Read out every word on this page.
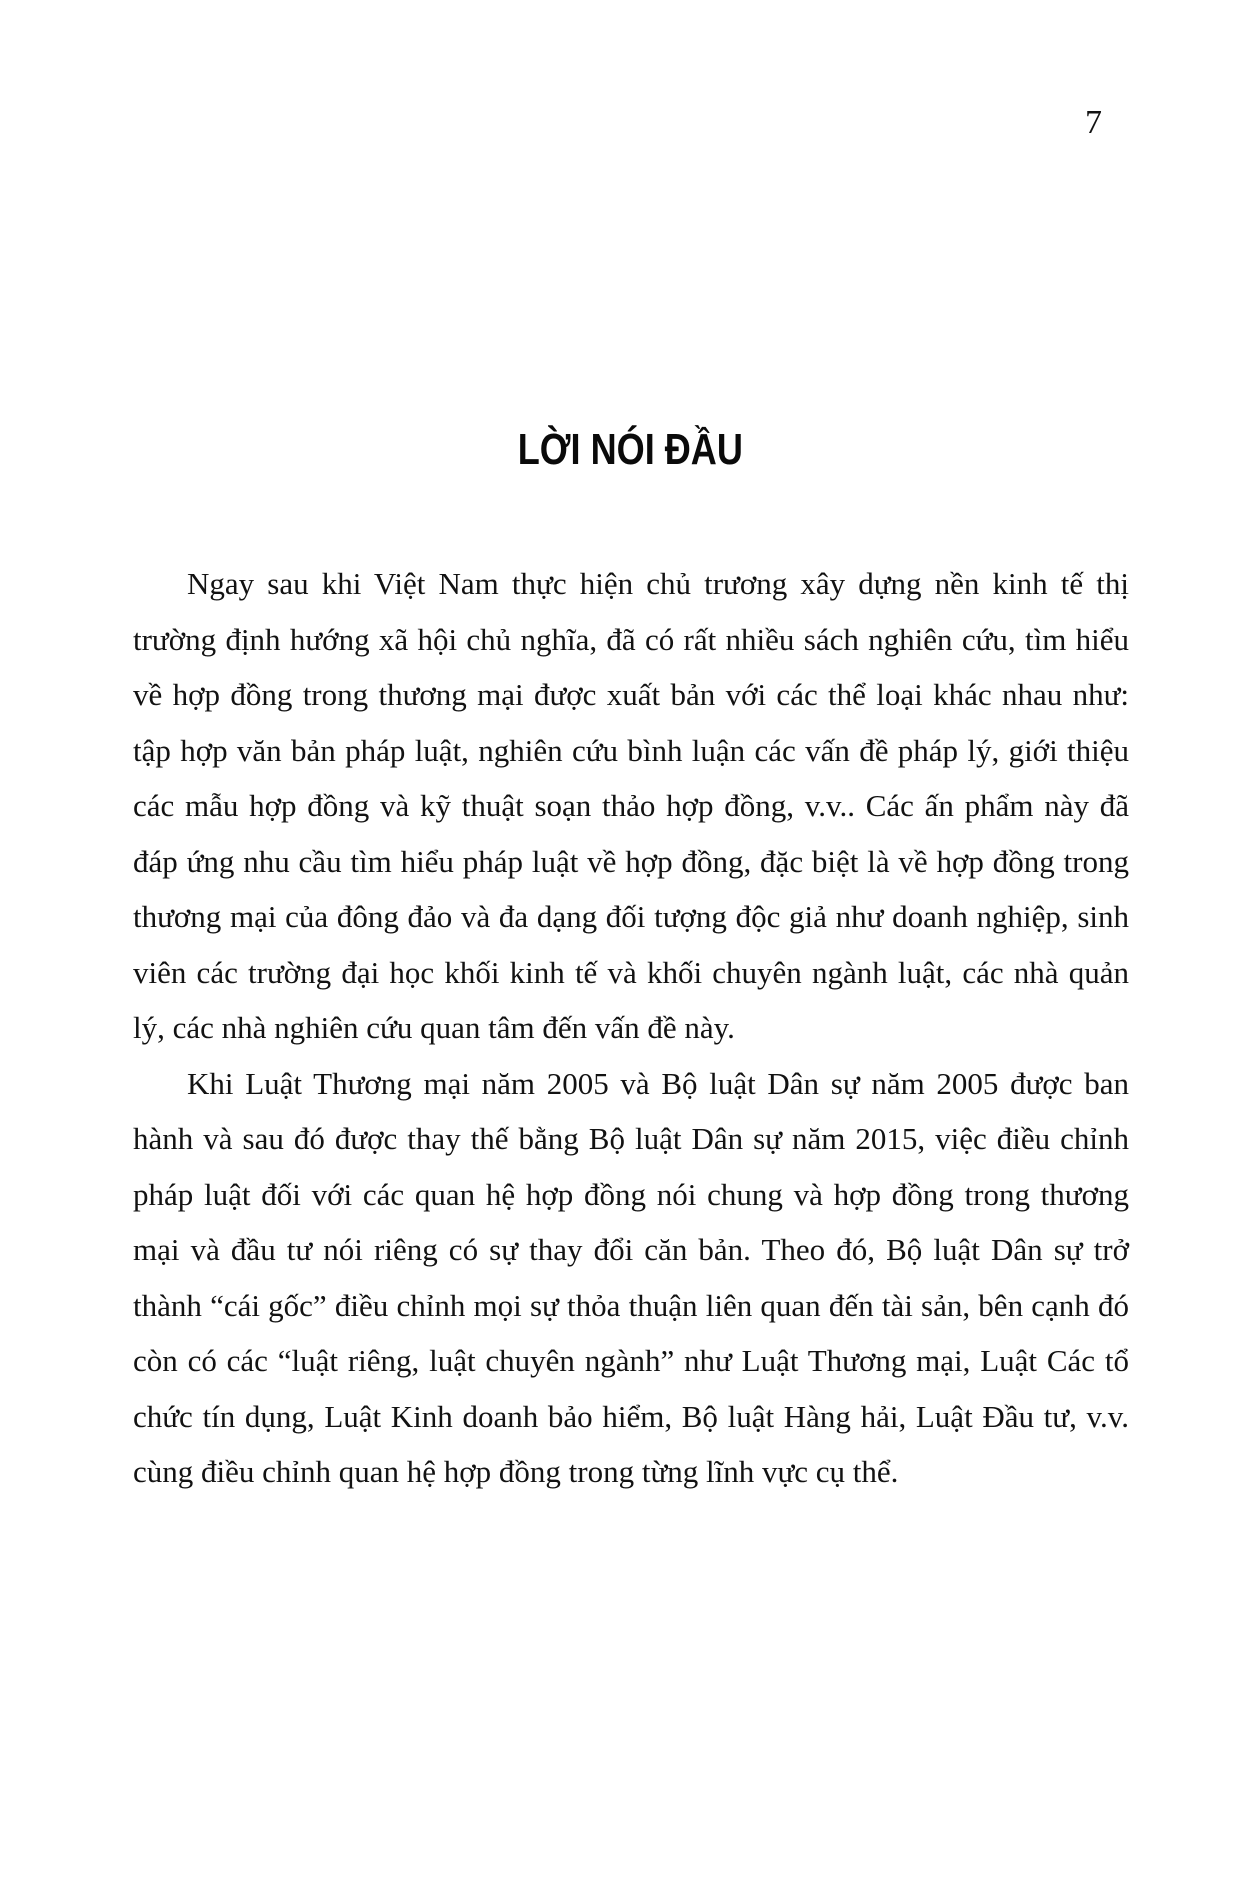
7
LỜI NÓI ĐẦU

Ngay sau khi Việt Nam thực hiện chủ trương xây dựng nền kinh tế thị trường định hướng xã hội chủ nghĩa, đã có rất nhiều sách nghiên cứu, tìm hiểu về hợp đồng trong thương mại được xuất bản với các thể loại khác nhau như: tập hợp văn bản pháp luật, nghiên cứu bình luận các vấn đề pháp lý, giới thiệu các mẫu hợp đồng và kỹ thuật soạn thảo hợp đồng, v.v.. Các ấn phẩm này đã đáp ứng nhu cầu tìm hiểu pháp luật về hợp đồng, đặc biệt là về hợp đồng trong thương mại của đông đảo và đa dạng đối tượng độc giả như doanh nghiệp, sinh viên các trường đại học khối kinh tế và khối chuyên ngành luật, các nhà quản lý, các nhà nghiên cứu quan tâm đến vấn đề này.

Khi Luật Thương mại năm 2005 và Bộ luật Dân sự năm 2005 được ban hành và sau đó được thay thế bằng Bộ luật Dân sự năm 2015, việc điều chỉnh pháp luật đối với các quan hệ hợp đồng nói chung và hợp đồng trong thương mại và đầu tư nói riêng có sự thay đổi căn bản. Theo đó, Bộ luật Dân sự trở thành “cái gốc” điều chỉnh mọi sự thỏa thuận liên quan đến tài sản, bên cạnh đó còn có các “luật riêng, luật chuyên ngành” như Luật Thương mại, Luật Các tổ chức tín dụng, Luật Kinh doanh bảo hiểm, Bộ luật Hàng hải, Luật Đầu tư, v.v. cùng điều chỉnh quan hệ hợp đồng trong từng lĩnh vực cụ thể.
